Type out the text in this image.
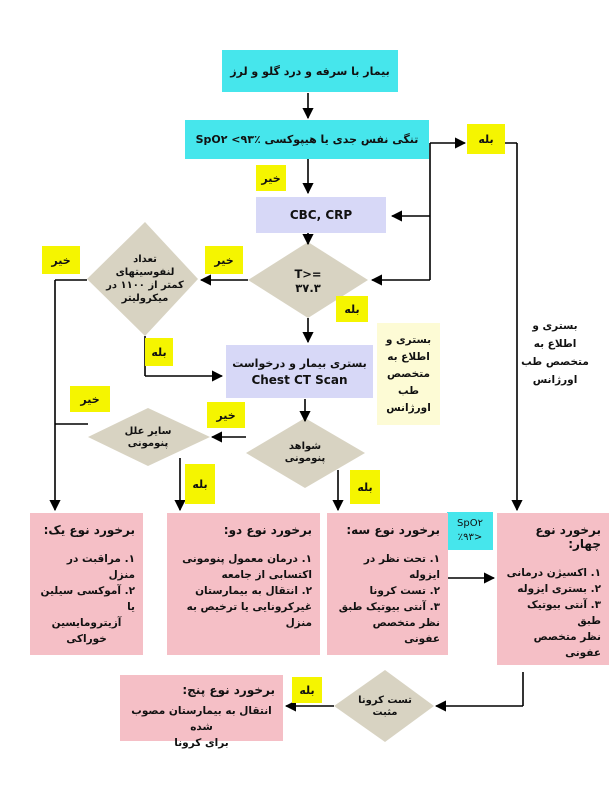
بیمار با سرفه و درد گلو و لرز
تنگی نفس جدی یا هیپوکسی ٪۹۳> SpO۲
CBC, CRP
بستری بیمار و درخواست
Chest CT Scan
بستری و
اطلاع به
متخصص طب
اورژانس
بستری و
اطلاع به
متخصص طب
اورژانس
T>=
۳۷.۳
تعداد
لنفوسیتهای
کمتر از ۱۱۰۰ در
میکرولیتر
شواهد
پنومونی
سایر علل
پنومونی
تست کرونا
مثبت
SpO۲
٪۹۳>
بله
خیر
خیر
بله
خیر
بله
خیر
خیر
بله	بله
بله
برخورد نوع یک:
۱. مراقبت در منزل
۲. آموکسی سیلین یا
آزیترومایسین
خوراکی
برخورد نوع دو:
۱. درمان معمول پنومونی
اکتسابی از جامعه
۲. انتقال به بیمارستان
غیرکرونایی یا ترخیص به منزل
برخورد نوع سه:
۱. تحت نظر در ایزوله
۲. تست کرونا
۳. آنتی بیوتیک طبق
نظر متخصص عفونی
برخورد نوع چهار:
۱. اکسیژن درمانی
۲. بستری ایزوله
۳. آنتی بیوتیک طبق
نظر متخصص عفونی
برخورد نوع پنج:
انتقال به بیمارستان مصوب شده
برای کرونا
